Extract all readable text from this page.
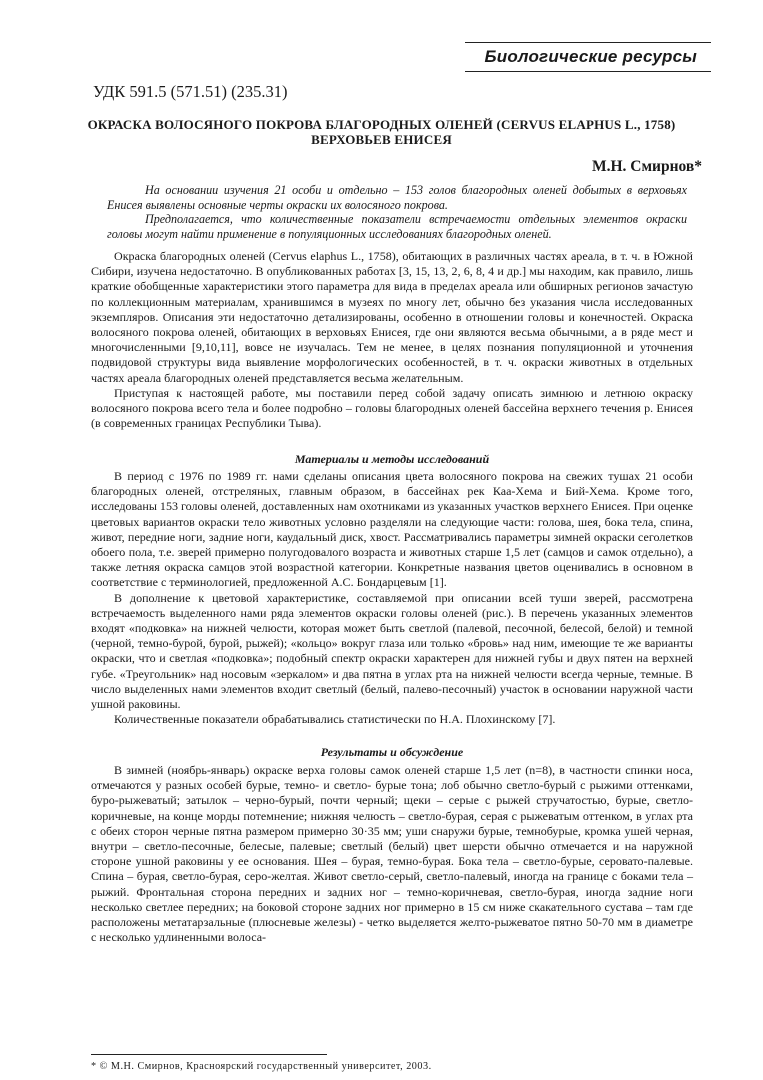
Биологические ресурсы
УДК 591.5 (571.51) (235.31)
ОКРАСКА ВОЛОСЯНОГО ПОКРОВА БЛАГОРОДНЫХ ОЛЕНЕЙ (CERVUS ELAPHUS L., 1758)
ВЕРХОВЬЕВ ЕНИСЕЯ
М.Н. Смирнов*

На основании изучения 21 особи и отдельно – 153 голов благородных оленей добытых в верховьях Енисея выявлены основные черты окраски их волосяного покрова.

Предполагается, что количественные показатели встречаемости отдельных элементов окраски головы могут найти применение в популяционных исследованиях благородных оленей.

Окраска благородных оленей (Cervus elaphus L., 1758), обитающих в различных частях ареала, в т. ч. в Южной Сибири, изучена недостаточно. В опубликованных работах [3, 15, 13, 2, 6, 8, 4 и др.] мы находим, как правило, лишь краткие обобщенные характеристики этого параметра для вида в пределах ареала или обширных регионов зачастую по коллекционным материалам, хранившимся в музеях по многу лет, обычно без указания числа исследованных экземпляров. Описания эти недостаточно детализированы, особенно в отношении головы и конечностей. Окраска волосяного покрова оленей, обитающих в верховьях Енисея, где они являются весьма обычными, а в ряде мест и многочисленными [9,10,11], вовсе не изучалась. Тем не менее, в целях познания популяционной и уточнения подвидовой структуры вида выявление морфологических особенностей, в т. ч. окраски животных в отдельных частях ареала благородных оленей представляется весьма желательным.

Приступая к настоящей работе, мы поставили перед собой задачу описать зимнюю и летнюю окраску волосяного покрова всего тела и более подробно – головы благородных оленей бассейна верхнего течения р. Енисея (в современных границах Республики Тыва).

Материалы и методы исследований

В период с 1976 по 1989 гг. нами сделаны описания цвета волосяного покрова на свежих тушах 21 особи благородных оленей, отстреляных, главным образом, в бассейнах рек Каа-Хема и Бий-Хема. Кроме того, исследованы 153 головы оленей, доставленных нам охотниками из указанных участков верхнего Енисея. При оценке цветовых вариантов окраски тело животных условно разделяли на следующие части: голова, шея, бока тела, спина, живот, передние ноги, задние ноги, каудальный диск, хвост. Рассматривались параметры зимней окраски сеголетков обоего пола, т.е. зверей примерно полугодовалого возраста и животных старше 1,5 лет (самцов и самок отдельно), а также летняя окраска самцов этой возрастной категории. Конкретные названия цветов оценивались в основном в соответствие с терминологией, предложенной А.С. Бондарцевым [1].

В дополнение к цветовой характеристике, составляемой при описании всей туши зверей, рассмотрена встречаемость выделенного нами ряда элементов окраски головы оленей (рис.). В перечень указанных элементов входят «подковка» на нижней челюсти, которая может быть светлой (палевой, песочной, белесой, белой) и темной (черной, темно-бурой, бурой, рыжей); «кольцо» вокруг глаза или только «бровь» над ним, имеющие те же варианты окраски, что и светлая «подковка»; подобный спектр окраски характерен для нижней губы и двух пятен на верхней губе. «Треугольник» над носовым «зеркалом» и два пятна в углах рта на нижней челюсти всегда черные, темные. В число выделенных нами элементов входит светлый (белый, палево-песочный) участок в основании наружной части ушной раковины.

Количественные показатели обрабатывались статистически по Н.А. Плохинскому [7].

Результаты и обсуждение

В зимней (ноябрь-январь) окраске верха головы самок оленей старше 1,5 лет (n=8), в частности спинки носа, отмечаются у разных особей бурые, темно- и светло- бурые тона; лоб обычно светло-бурый с рыжими оттенками, буро-рыжеватый; затылок – черно-бурый, почти черный; щеки – серые с рыжей стручатостью, бурые, светло-коричневые, на конце морды потемнение; нижняя челюсть – светло-бурая, серая с рыжеватым оттенком, в углах рта с обеих сторон черные пятна размером примерно 30·35 мм; уши снаружи бурые, темнобурые, кромка ушей черная, внутри – светло-песочные, белесые, палевые; светлый (белый) цвет шерсти обычно отмечается и на наружной стороне ушной раковины у ее основания. Шея – бурая, темно-бурая. Бока тела – светло-бурые, серовато-палевые. Спина – бурая, светло-бурая, серо-желтая. Живот светло-серый, светло-палевый, иногда на границе с боками тела – рыжий. Фронтальная сторона передних и задних ног – темно-коричневая, светло-бурая, иногда задние ноги несколько светлее передних; на боковой стороне задних ног примерно в 15 см ниже скакательного сустава – там где расположены метатарзальные (плюсневые железы) - четко выделяется желто-рыжеватое пятно 50-70 мм в диаметре с несколько удлиненными волоса-

* © М.Н. Смирнов, Красноярский государственный университет, 2003.
